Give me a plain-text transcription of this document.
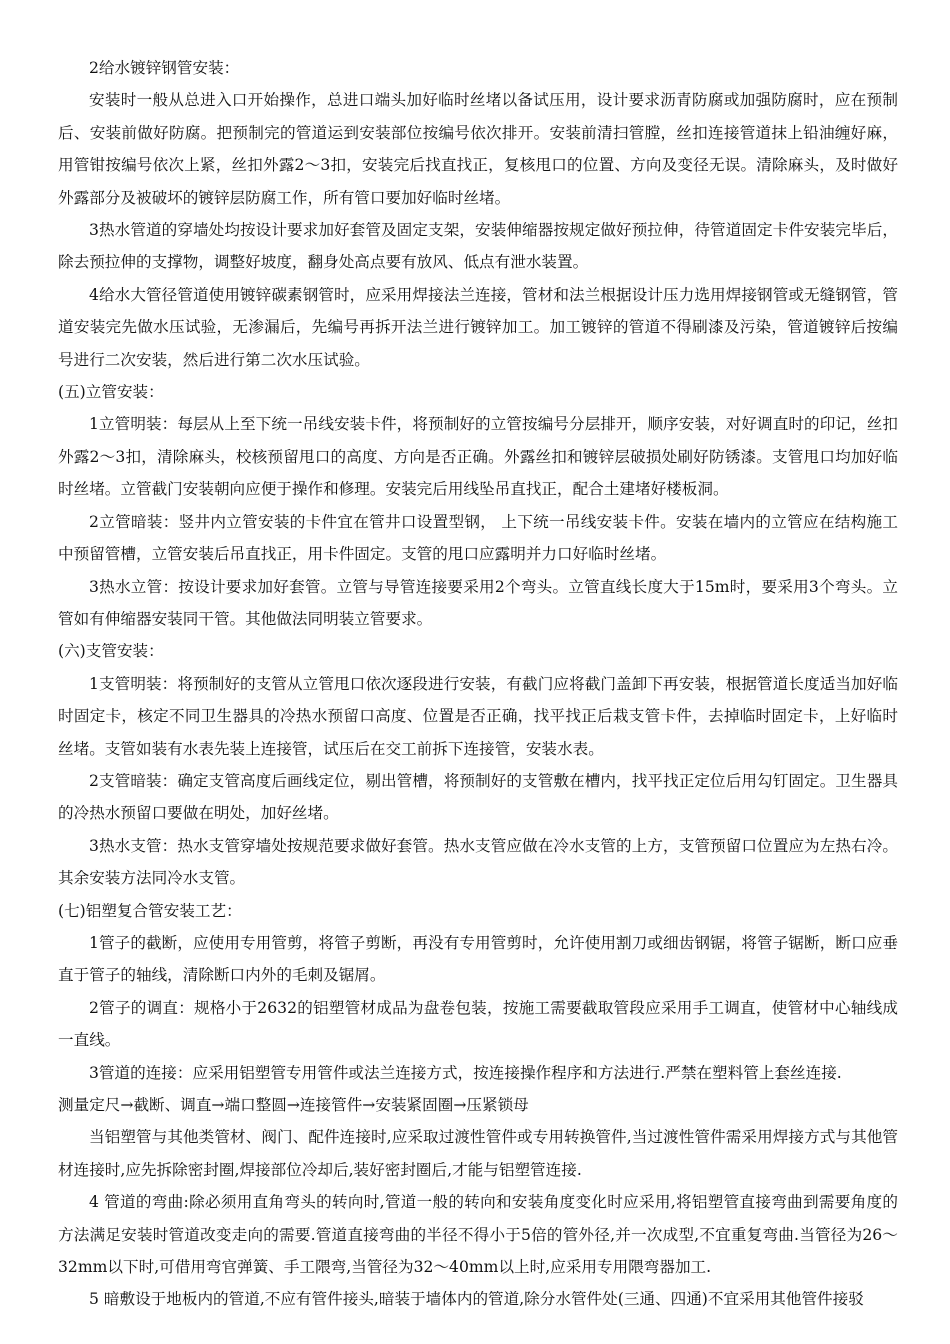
2给水镀锌钢管安装：

安装时一般从总进入口开始操作，总进口端头加好临时丝堵以备试压用，设计要求沥青防腐或加强防腐时，应在预制后、安装前做好防腐。把预制完的管道运到安装部位按编号依次排开。安装前清扫管膛，丝扣连接管道抹上铅油缠好麻，用管钳按编号依次上紧，丝扣外露2～3扣，安装完后找直找正，复核甩口的位置、方向及变径无误。清除麻头，及时做好外露部分及被破坏的镀锌层防腐工作，所有管口要加好临时丝堵。

3热水管道的穿墙处均按设计要求加好套管及固定支架，安装伸缩器按规定做好预拉伸，待管道固定卡件安装完毕后，除去预拉伸的支撑物，调整好坡度，翻身处高点要有放风、低点有泄水装置。

4给水大管径管道使用镀锌碳素钢管时，应采用焊接法兰连接，管材和法兰根据设计压力选用焊接钢管或无缝钢管，管道安装完先做水压试验，无渗漏后，先编号再拆开法兰进行镀锌加工。加工镀锌的管道不得刷漆及污染，管道镀锌后按编号进行二次安装，然后进行第二次水压试验。

(五)立管安装：

1立管明装：每层从上至下统一吊线安装卡件，将预制好的立管按编号分层排开，顺序安装，对好调直时的印记，丝扣外露2～3扣，清除麻头，校核预留甩口的高度、方向是否正确。外露丝扣和镀锌层破损处刷好防锈漆。支管甩口均加好临时丝堵。立管截门安装朝向应便于操作和修理。安装完后用线坠吊直找正，配合土建堵好楼板洞。

2立管暗装：竖井内立管安装的卡件宜在管井口设置型钢， 上下统一吊线安装卡件。安装在墙内的立管应在结构施工中预留管槽，立管安装后吊直找正，用卡件固定。支管的甩口应露明并力口好临时丝堵。

3热水立管：按设计要求加好套管。立管与导管连接要采用2个弯头。立管直线长度大于15m时，要采用3个弯头。立管如有伸缩器安装同干管。其他做法同明装立管要求。

(六)支管安装：

1支管明装：将预制好的支管从立管甩口依次逐段进行安装，有截门应将截门盖卸下再安装，根据管道长度适当加好临时固定卡，核定不同卫生器具的冷热水预留口高度、位置是否正确，找平找正后栽支管卡件，去掉临时固定卡，上好临时丝堵。支管如装有水表先装上连接管，试压后在交工前拆下连接管，安装水表。

2支管暗装：确定支管高度后画线定位，剔出管槽，将预制好的支管敷在槽内，找平找正定位后用勾钉固定。卫生器具的冷热水预留口要做在明处，加好丝堵。

3热水支管：热水支管穿墙处按规范要求做好套管。热水支管应做在冷水支管的上方，支管预留口位置应为左热右冷。其余安装方法同冷水支管。

(七)铝塑复合管安装工艺：

1管子的截断，应使用专用管剪，将管子剪断，再没有专用管剪时，允许使用割刀或细齿钢锯，将管子锯断，断口应垂直于管子的轴线，清除断口内外的毛刺及锯屑。

2管子的调直：规格小于2632的铝塑管材成品为盘卷包装，按施工需要截取管段应采用手工调直，使管材中心轴线成一直线。

3管道的连接：应采用铝塑管专用管件或法兰连接方式，按连接操作程序和方法进行.严禁在塑料管上套丝连接.

测量定尺→截断、调直→端口整圆→连接管件→安装紧固圈→压紧锁母

当铝塑管与其他类管材、阀门、配件连接时,应采取过渡性管件或专用转换管件,当过渡性管件需采用焊接方式与其他管材连接时,应先拆除密封圈,焊接部位冷却后,装好密封圈后,才能与铝塑管连接.

4 管道的弯曲:除必须用直角弯头的转向时,管道一般的转向和安装角度变化时应采用,将铝塑管直接弯曲到需要角度的方法满足安装时管道改变走向的需要.管道直接弯曲的半径不得小于5倍的管外径,并一次成型,不宜重复弯曲.当管径为26～32mm以下时,可借用弯官弹簧、手工隈弯,当管径为32～40mm以上时,应采用专用隈弯器加工.

5 暗敷设于地板内的管道,不应有管件接头,暗装于墙体内的管道,除分水管件处(三通、四通)不宜采用其他管件接驳
